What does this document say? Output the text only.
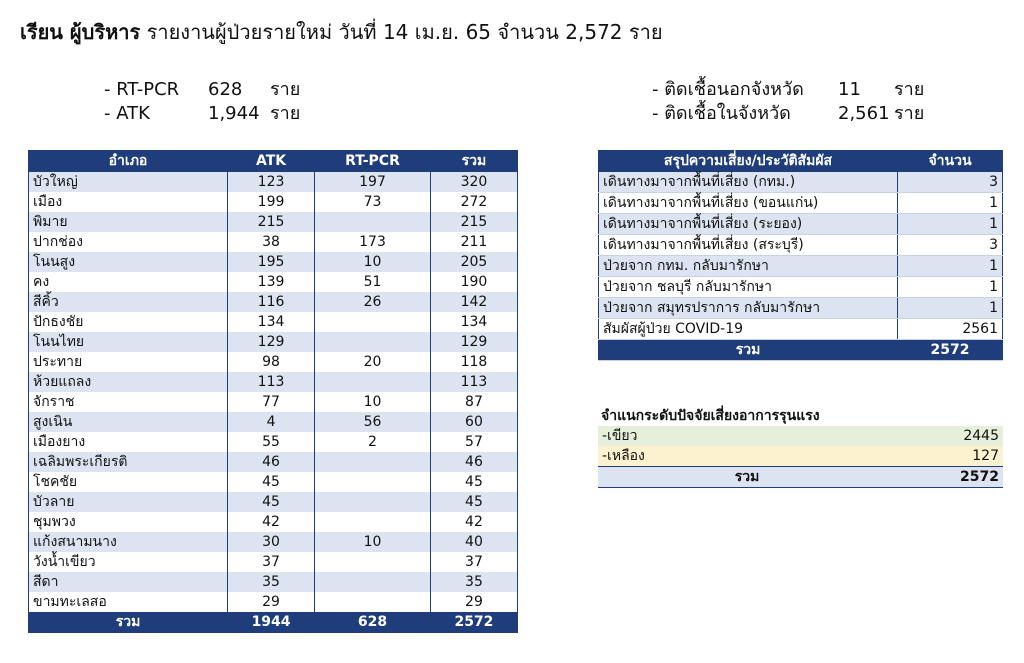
เรียน ผู้บริหาร รายงานผู้ป่วยรายใหม่ วันที่ 14 เม.ย. 65 จำนวน 2,572 ราย
- RT-PCR	628	ราย
- ATK	1,944 ราย
- ติดเชื้อนอกจังหวัด	11	ราย
- ติดเชื้อในจังหวัด	2,561 ราย
อำเภอ	ATK	RT-PCR	รวม
บัวใหญ่	123	197	320
เมือง	199	73	272
พิมาย	215		215
ปากช่อง	38	173	211
โนนสูง	195	10	205
คง	139	51	190
สีคิ้ว	116	26	142
ปักธงชัย	134		134
โนนไทย	129		129
ประทาย	98	20	118
ห้วยแถลง	113		113
จักราช	77	10	87
สูงเนิน	4	56	60
เมืองยาง	55	2	57
เฉลิมพระเกียรติ	46		46
โชคชัย	45		45
บัวลาย	45		45
ชุมพวง	42		42
แก้งสนามนาง	30	10	40
วังน้ำเขียว	37		37
สีดา	35		35
ขามทะเลสอ	29		29
รวม	1944	628	2572
สรุปความเสี่ยง/ประวัติสัมผัส	จำนวน
เดินทางมาจากพื้นที่เสี่ยง (กทม.)	3
เดินทางมาจากพื้นที่เสี่ยง (ขอนแก่น)	1
เดินทางมาจากพื้นที่เสี่ยง (ระยอง)	1
เดินทางมาจากพื้นที่เสี่ยง (สระบุรี)	3
ป่วยจาก กทม. กลับมารักษา	1
ป่วยจาก ชลบุรี กลับมารักษา	1
ป่วยจาก สมุทรปราการ กลับมารักษา	1
สัมผัสผู้ป่วย COVID-19	2561
รวม	2572
จำแนกระดับปัจจัยเสี่ยงอาการรุนแรง
-เขียว	2445
-เหลือง	127
รวม	2572
